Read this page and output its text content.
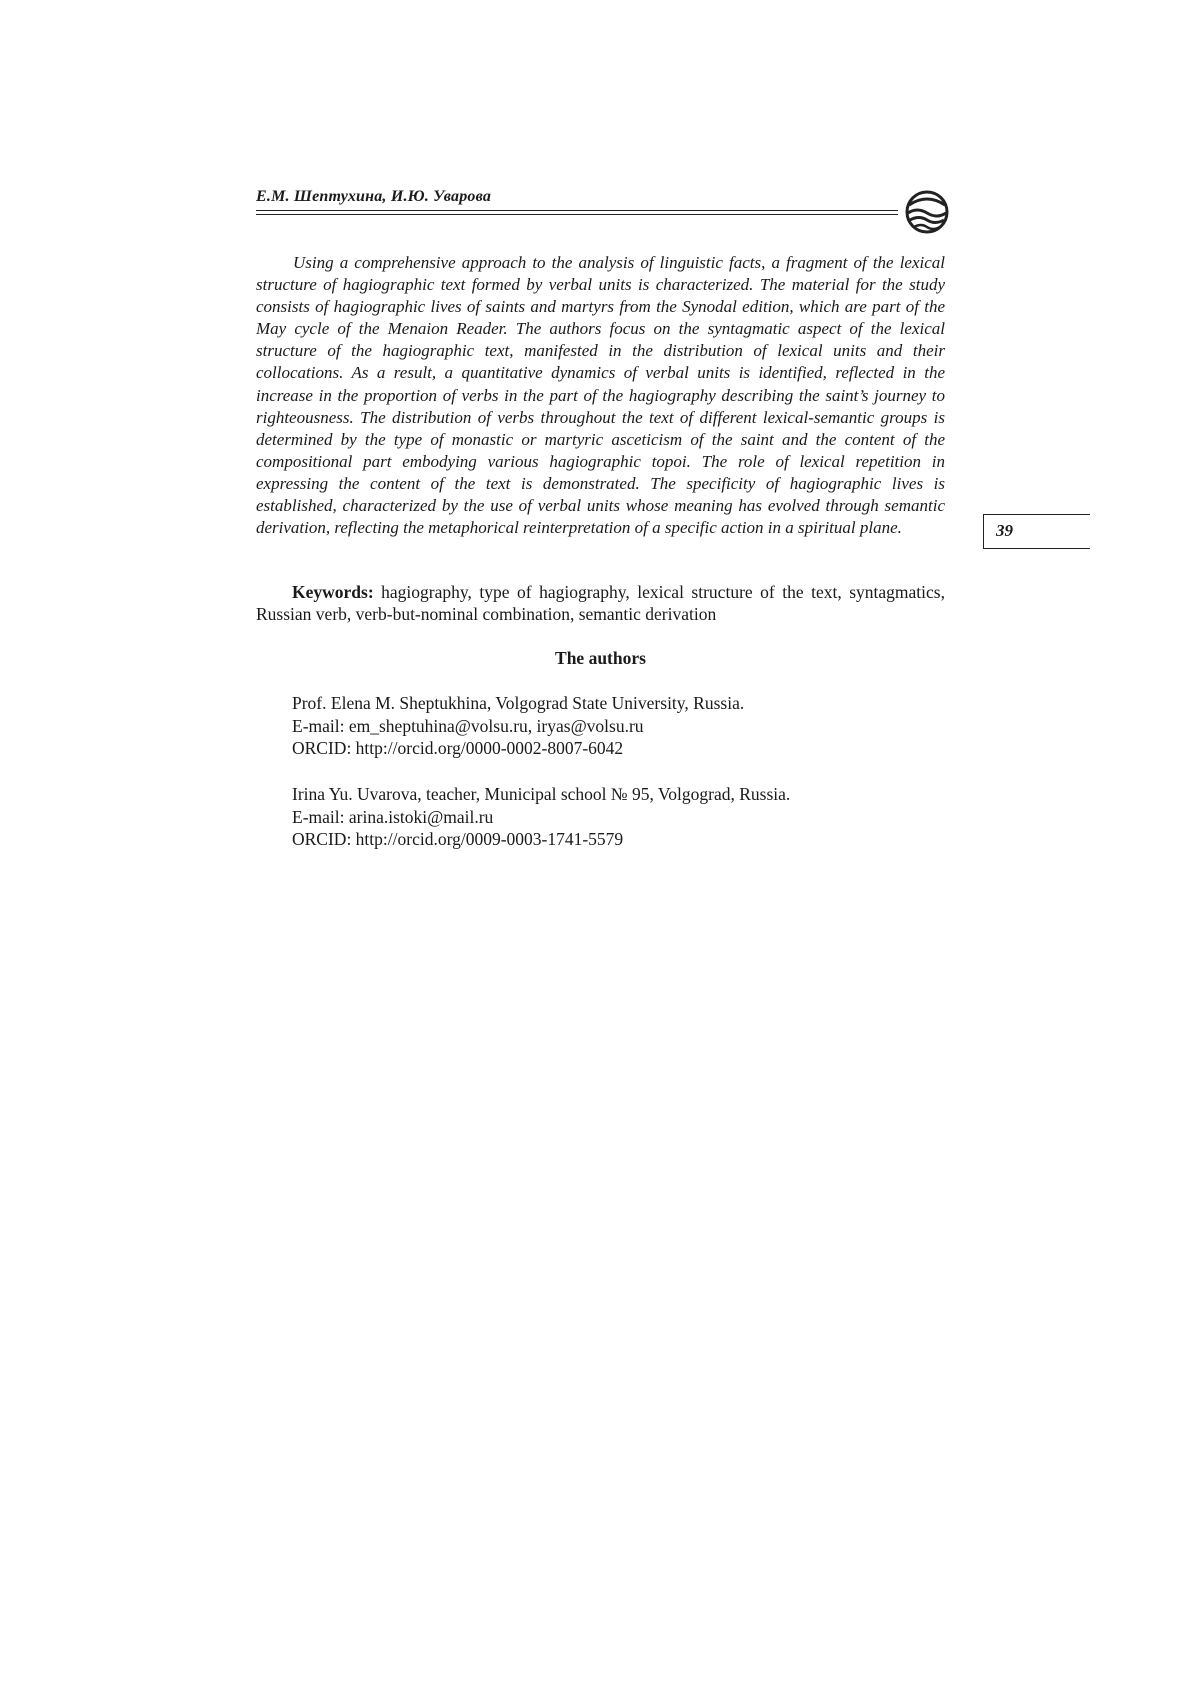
Е.М. Шептухина, И.Ю. Уварова

Using a comprehensive approach to the analysis of linguistic facts, a fragment of the lexical structure of hagiographic text formed by verbal units is characterized. The material for the study consists of hagiographic lives of saints and martyrs from the Synodal edition, which are part of the May cycle of the Menaion Reader. The authors focus on the syntagmatic aspect of the lexical structure of the hagiographic text, manifested in the distribution of lexical units and their collocations. As a result, a quantitative dynamics of verbal units is identified, reflected in the increase in the proportion of verbs in the part of the hagiography describing the saint’s journey to righteousness. The distribution of verbs throughout the text of different lexical-semantic groups is determined by the type of monastic or martyric asceticism of the saint and the content of the compositional part embodying various hagiographic topoi. The role of lexical repetition in expressing the content of the text is demonstrated. The specificity of hagiographic lives is established, characterized by the use of verbal units whose meaning has evolved through semantic derivation, reflecting the metaphorical reinterpretation of a specific action in a spiritual plane.

Keywords: hagiography, type of hagiography, lexical structure of the text, syntagmatics, Russian verb, verb-but-nominal combination, semantic derivation

The authors

Prof. Elena M. Sheptukhina, Volgograd State University, Russia.
E-mail: em_sheptuhina@volsu.ru, iryas@volsu.ru
ORCID: http://orcid.org/0000-0002-8007-6042
Irina Yu. Uvarova, teacher, Municipal school № 95, Volgograd, Russia.
E-mail: arina.istoki@mail.ru
ORCID: http://orcid.org/0009-0003-1741-5579
39
